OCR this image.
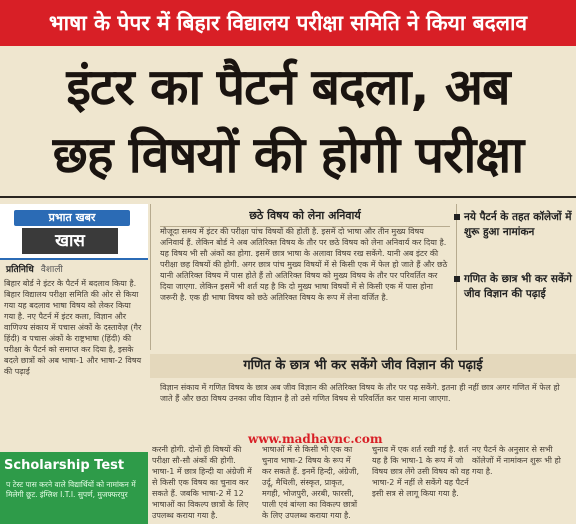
भाषा के पेपर में बिहार विद्यालय परीक्षा समिति ने किया बदलाव
इंटर का पैटर्न बदला, अब
छह विषयों की होगी परीक्षा
प्रभात खबर
खास
प्रतिनिधि वैशाली
बिहार बोर्ड ने इंटर के पैटर्न में बदलाव किया है. बिहार विद्यालय परीक्षा समिति की ओर से किया गया यह बदलाव भाषा विषय को लेकर किया गया है. नए पैटर्न में इंटर कला, विज्ञान और वाणिज्य संकाय में पचास अंकों के दस्तावेज़ (गैर हिंदी) व पचास अंकों के राष्ट्रभाषा (हिंदी) की परीक्षा के पैटर्न को समाप्त कर दिया है, इसके बदले छात्रों को अब भाषा-1 और भाषा-2 विषय की पढ़ाई
छठे विषय को लेना अनिवार्य
मौजूदा समय में इंटर की परीक्षा पांच विषयों की होती है. इसमें दो भाषा और तीन मुख्य विषय अनिवार्य हैं. लेकिन बोर्ड ने अब अतिरिक्त विषय के तौर पर छठे विषय को लेना अनिवार्य कर दिया है. यह विषय भी सौ अंकों का होगा. इसमें छात्र भाषा के अलावा विषय रख सकेंगे. यानी अब इंटर की परीक्षा छह विषयों की होगी. अगर छात्र पांच मुख्य विषयों में से किसी एक में फेल हो जाते हैं और छठे यानी अतिरिक्त विषय में पास होते हैं तो अतिरिक्त विषय को मुख्य विषय के तौर पर परिवर्तित कर दिया जाएगा. लेकिन इसमें भी शर्त यह है कि दो मुख्य भाषा विषयों में से किसी एक में पास होना जरूरी है. एक ही भाषा विषय को छठे अतिरिक्त विषय के रूप में लेना वर्जित है.
नये पैटर्न के तहत कॉलेजों में शुरू हुआ नामांकन
गणित के छात्र भी कर सकेंगे जीव विज्ञान की पढ़ाई
गणित के छात्र भी कर सकेंगे जीव विज्ञान की पढ़ाई
विज्ञान संकाय में गणित विषय के छात्र अब जीव विज्ञान की अतिरिक्त विषय के तौर पर पढ़ सकेंगे. इतना ही नहीं छात्र अगर गणित में फेल हो जाते हैं और छठा विषय उनका जीव विज्ञान है तो उसे गणित विषय से परिवर्तित कर पास माना जाएगा.
www.madhavnc.com
करनी होगी. दोनों ही विषयों की परीक्षा सौ-सौ अंकों की होगी. भाषा-1 में छात्र हिन्दी या अंग्रेजी में से किसी एक विषय का चुनाव कर सकते हैं. जबकि भाषा-2 में 12 भाषाओं का विकल्प छात्रों के लिए उपलब्ध कराया गया है.
भाषाओं में से किसी भी एक का चुनाव भाषा-2 विषय के रूप में कर सकते हैं. इनमें हिन्दी, अंग्रेजी, उर्दू, मैथिली, संस्कृत, प्राकृत, मगही, भोजपुरी, अरबी, फारसी, पाली एवं बांग्ला का विकल्प छात्रों के लिए उपलब्ध कराया गया है.
चुनाव में एक शर्त रखी गई है. शर्त यह है कि भाषा-1 के रूप में जो विषय छात्र लेंगे उसी विषय को वह भाषा-2 में नहीं ले सकेंगे यह पैटर्न इसी सत्र से लागू किया गया है.
नए पैटर्न के अनुसार से सभी कॉलेजों में नामांकन शुरू भी हो गया है.
Scholarship Test
प टेस्ट पास करने वाले विद्यार्थियों को नामांकन में मिलेगी छूट. इंग्लिश I.T.I. सुपर्ण, मुजफ्फरपुर
